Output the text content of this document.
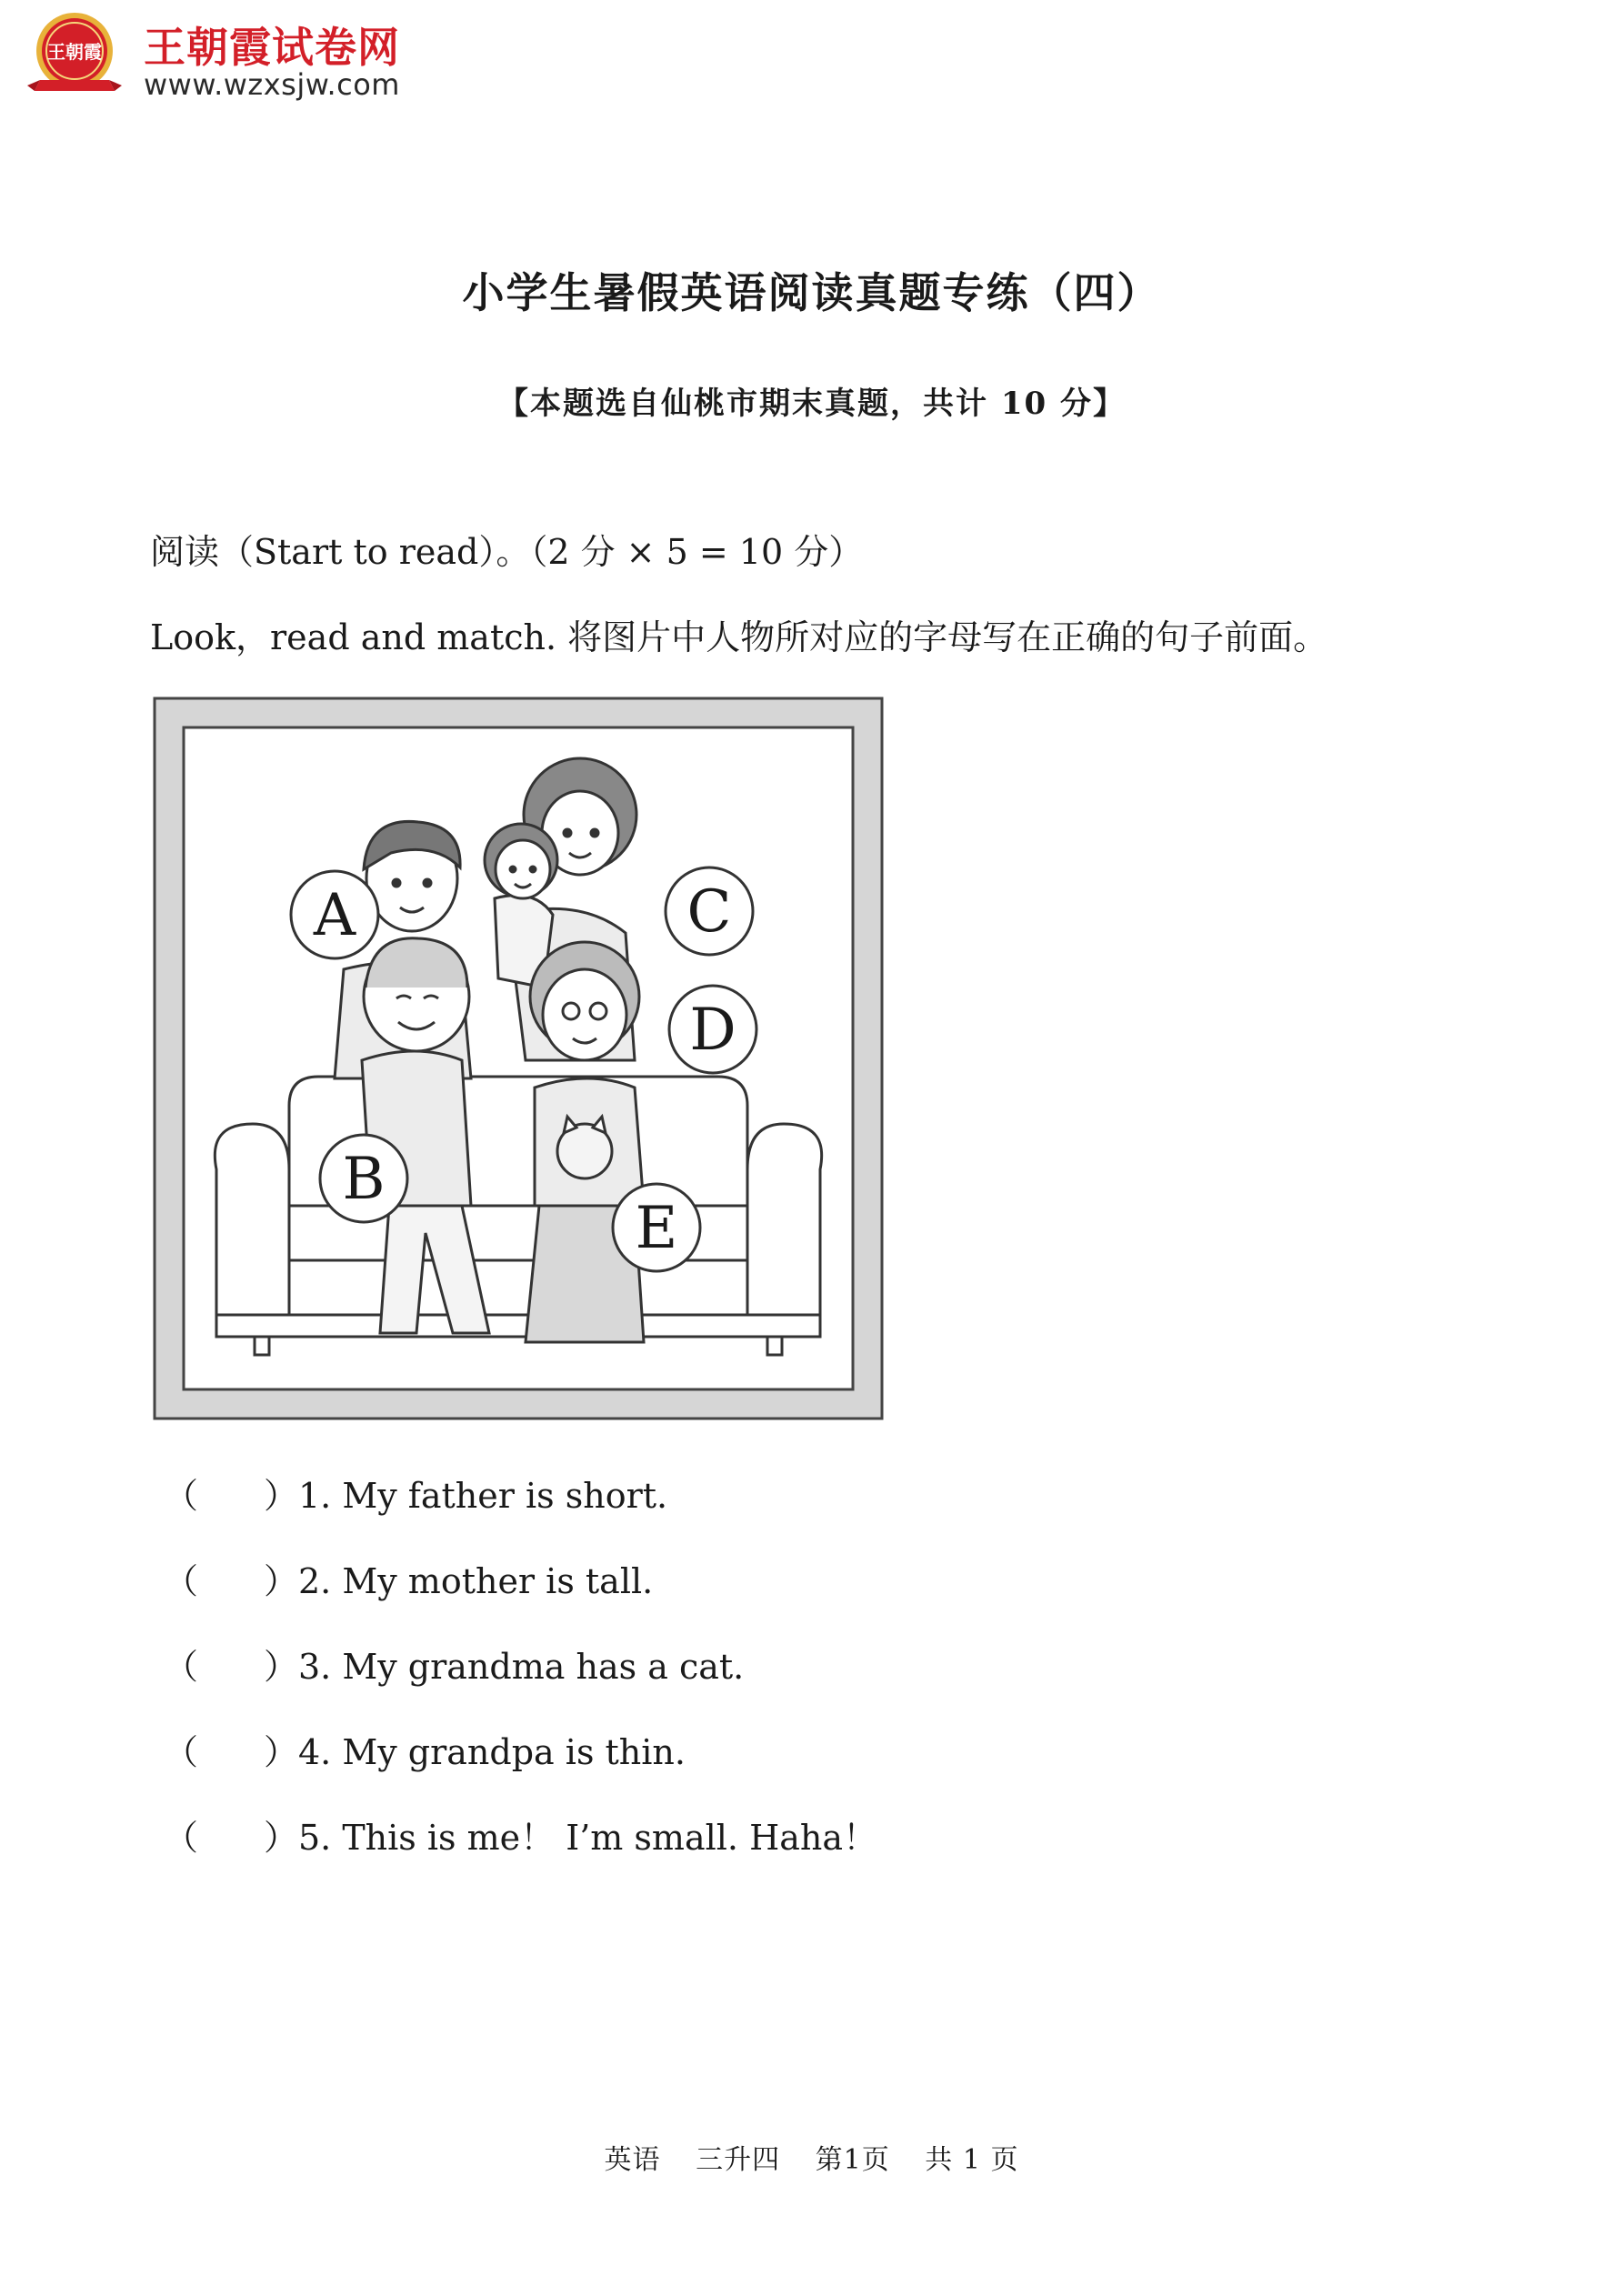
王朝霞 王朝霞试卷网
www.wzxsjw.com
小学生暑假英语阅读真题专练（四）
【本题选自仙桃市期末真题，共计 10 分】
阅读（Start to read）。（2 分 × 5 = 10 分）
Look，read and match. 将图片中人物所对应的字母写在正确的句子前面。
A
B
C
D
E
（ ）1. My father is short.
（ ）2. My mother is tall.
（ ）3. My grandma has a cat.
（ ）4. My grandpa is thin.
（ ）5. This is me！ I’m small. Haha！
英语 三升四 第1页 共 1 页
